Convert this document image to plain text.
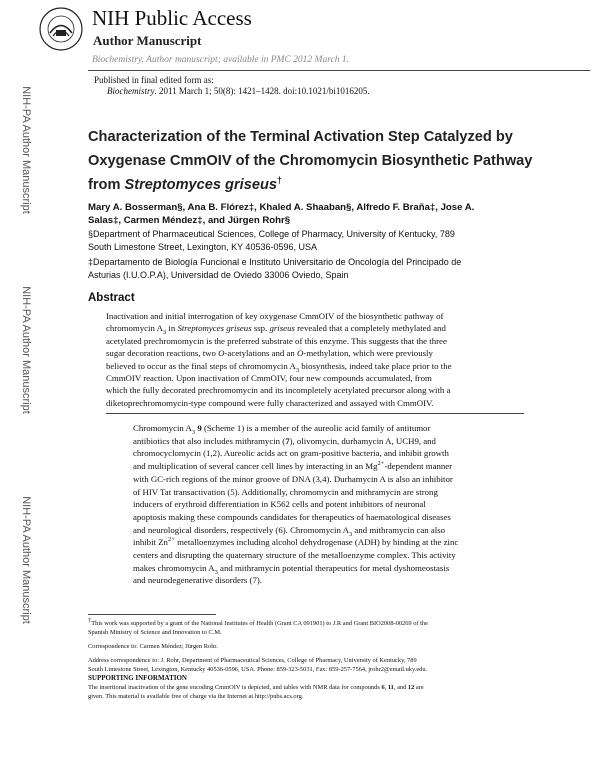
NIH Public Access
Author Manuscript
Biochemistry. Author manuscript; available in PMC 2012 March 1.
NIH-PA Author Manuscript
NIH-PA Author Manuscript
NIH-PA Author Manuscript
Published in final edited form as:
Biochemistry. 2011 March 1; 50(8): 1421–1428. doi:10.1021/bi1016205.
Characterization of the Terminal Activation Step Catalyzed by
Oxygenase CmmOIV of the Chromomycin Biosynthetic Pathway
from Streptomyces griseus†
Mary A. Bosserman§, Ana B. Flórez‡, Khaled A. Shaaban§, Alfredo F. Braña‡, Jose A.
Salas‡, Carmen Méndez‡, and Jürgen Rohr§
§Department of Pharmaceutical Sciences, College of Pharmacy, University of Kentucky, 789
South Limestone Street, Lexington, KY 40536-0596, USA
‡Departamento de Biología Funcional e Instituto Universitario de Oncología del Principado de
Asturias (I.U.O.P.A), Universidad de Oviedo 33006 Oviedo, Spain
Abstract
Inactivation and initial interrogation of key oxygenase CmmOIV of the biosynthetic pathway of
chromomycin $A_3$ in Streptomyces griseus ssp. griseus revealed that a completely methylated and
acetylated prechromomycin is the preferred substrate of this enzyme. This suggests that the three
sugar decoration reactions, two O-acetylations and an O-methylation, which were previously
believed to occur as the final steps of chromomycin $A_3$ biosynthesis, indeed take place prior to the
CmmOIV reaction. Upon inactivation of CmmOIV, four new compounds accumulated, from
which the fully decorated prechromomycin and its incompletely acetylated precursor along with a
diketoprechromomycin-type compound were fully characterized and assayed with CmmOIV.
Chromomycin $A_3$ 9 (Scheme 1) is a member of the aureolic acid family of antitumor
antibiotics that also includes mithramycin (7), olivomycin, durhamycin A, UCH9, and
chromocyclomycin (1,2). Aureolic acids act on gram-positive bacteria, and inhibit growth
and multiplication of several cancer cell lines by interacting in an $Mg^{2+}$-dependent manner
with GC-rich regions of the minor groove of DNA (3,4). Durhamycin A is also an inhibitor
of HIV Tat transactivation (5). Additionally, chromomycin and mithramycin are strong
inducers of erythroid differentiation in K562 cells and potent inhibitors of neuronal
apoptosis making these compounds candidates for therapeutics of haematological diseases
and neurological disorders, respectively (6). Chromomycin $A_3$ and mithramycin can also
inhibit $Zn^{2+}$ metalloenzymes including alcohol dehydrogenase (ADH) by binding at the zinc
centers and disrupting the quaternary structure of the metalloenzyme complex. This activity
makes chromomycin $A_3$ and mithramycin potential therapeutics for metal dyshomeostasis
and neurodegenerative disorders (7).
†This work was supported by a grant of the National Institutes of Health (Grant CA 091901) to J.R and Grant BIO2008-00269 of the
Spanish Ministry of Science and Innovation to C.M.
Correspondence to: Carmen Méndez; Jürgen Rohr.
Address correspondence to: J. Rohr, Department of Pharmaceutical Sciences, College of Pharmacy, University of Kentucky, 789
South Limestone Street, Lexington, Kentucky 40536-0596, USA. Phone: 859-323-5031, Fax: 859-257-7564, jrohr2@email.uky.edu.
SUPPORTING INFORMATION
The insertional inactivation of the gene encoding CmmOIV is depicted, and tables with NMR data for compounds 6, 11, and 12 are
given. This material is available free of charge via the Internet at http://pubs.acs.org.
